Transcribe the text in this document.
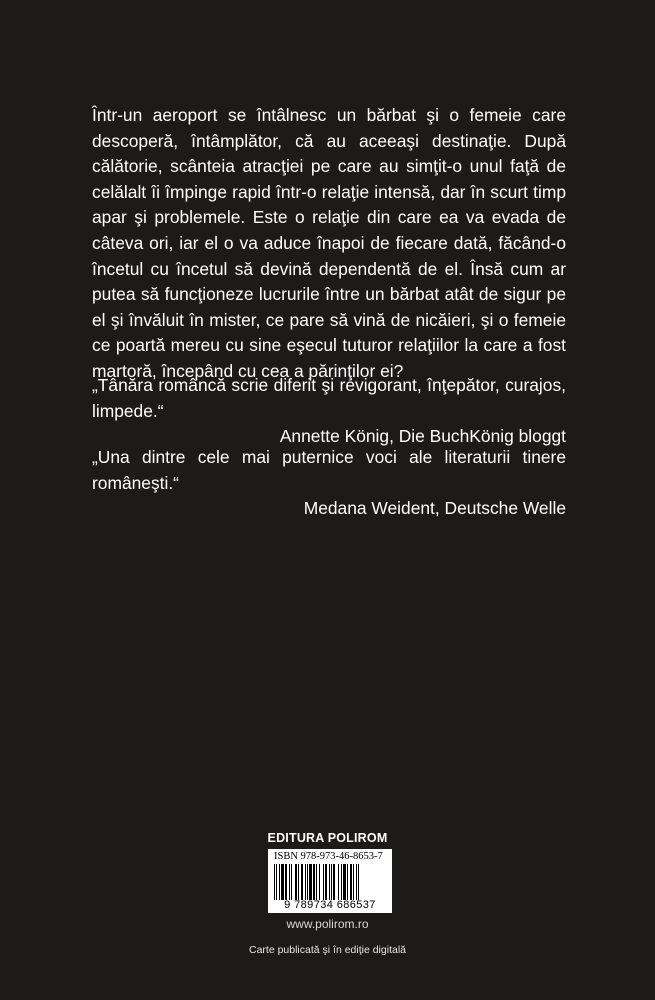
Într-un aeroport se întâlnesc un bărbat şi o femeie care descoperă, întâmplător, că au aceeaşi destinaţie. După călătorie, scânteia atracţiei pe care au simţit-o unul faţă de celălalt îi împinge rapid într-o relaţie intensă, dar în scurt timp apar şi problemele. Este o relaţie din care ea va evada de câteva ori, iar el o va aduce înapoi de fiecare dată, făcând-o încetul cu încetul să devină dependentă de el. Însă cum ar putea să funcţioneze lucrurile între un bărbat atât de sigur pe el şi învăluit în mister, ce pare să vină de nicăieri, şi o femeie ce poartă mereu cu sine eşecul tuturor relaţiilor la care a fost martoră, începând cu cea a părinţilor ei?

„Tânăra româncă scrie diferit şi revigorant, înţepător, curajos, limpede.“

Annette König, Die BuchKönig bloggt

„Una dintre cele mai puternice voci ale literaturii tinere româneşti.“

Medana Weident, Deutsche Welle

EDITURA POLIROM
ISBN 978-973-46-8653-7
9 789734 686537
www.polirom.ro
Carte publicată şi în ediţie digitală
